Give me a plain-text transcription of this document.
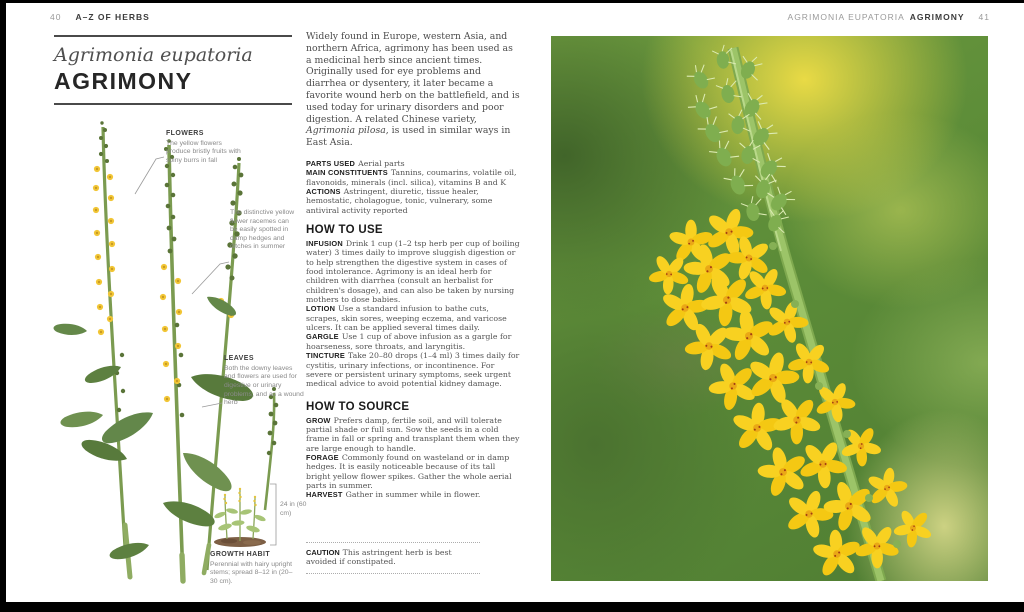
40 A–Z OF HERBS	AGRIMONIA EUPATORIA AGRIMONY 41
Agrimonia eupatoria
AGRIMONY
FLOWERS
The yellow flowers produce bristly fruits with spiny burrs in fall
The distinctive yellow flower racemes can be easily spotted in damp hedges and ditches in summer
LEAVES
Both the downy leaves and flowers are used for digestive or urinary problems, and as a wound herb
24 in (60 cm)
GROWTH HABIT
Perennial with hairy upright stems; spread 8–12 in (20–30 cm).

Widely found in Europe, western Asia, and northern Africa, agrimony has been used as a medicinal herb since ancient times. Originally used for eye problems and diarrhea or dysentery, it later became a favorite wound herb on the battlefield, and is used today for urinary disorders and poor digestion. A related Chinese variety, Agrimonia pilosa, is used in similar ways in East Asia.

PARTS USED Aerial parts

MAIN CONSTITUENTS Tannins, coumarins, volatile oil, flavonoids, minerals (incl. silica), vitamins B and K

ACTIONS Astringent, diuretic, tissue healer, hemostatic, cholagogue, tonic, vulnerary, some antiviral activity reported

HOW TO USE

INFUSION Drink 1 cup (1–2 tsp herb per cup of boiling water) 3 times daily to improve sluggish digestion or to help strengthen the digestive system in cases of food intolerance. Agrimony is an ideal herb for children with diarrhea (consult an herbalist for children's dosage), and can also be taken by nursing mothers to dose babies.

LOTION Use a standard infusion to bathe cuts, scrapes, skin sores, weeping eczema, and varicose ulcers. It can be applied several times daily.

GARGLE Use 1 cup of above infusion as a gargle for hoarseness, sore throats, and laryngitis.

TINCTURE Take 20–80 drops (1–4 ml) 3 times daily for cystitis, urinary infections, or incontinence. For severe or persistent urinary symptoms, seek urgent medical advice to avoid potential kidney damage.

HOW TO SOURCE

GROW Prefers damp, fertile soil, and will tolerate partial shade or full sun. Sow the seeds in a cold frame in fall or spring and transplant them when they are large enough to handle.

FORAGE Commonly found on wasteland or in damp hedges. It is easily noticeable because of its tall bright yellow flower spikes. Gather the whole aerial parts in summer.

HARVEST Gather in summer while in flower.

CAUTION This astringent herb is best avoided if constipated.
